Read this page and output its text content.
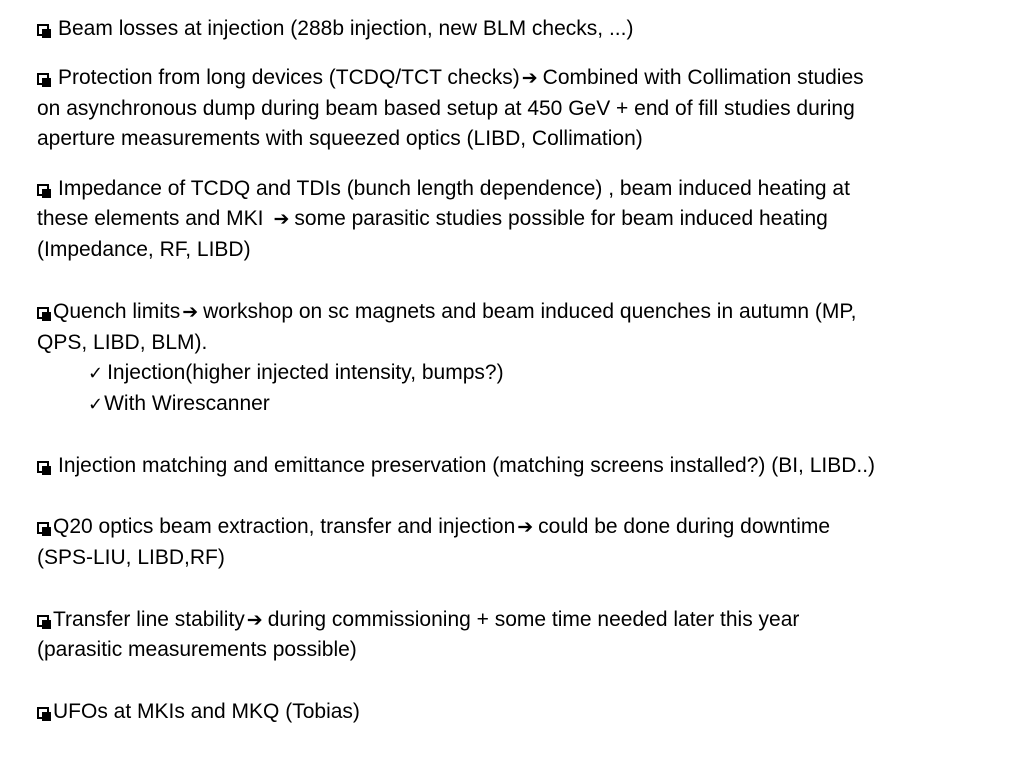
Beam losses at injection (288b injection, new BLM checks, ...)
Protection from long devices (TCDQ/TCT checks) ➔ Combined with Collimation studies
on asynchronous dump during beam based setup at 450 GeV + end of fill studies during
aperture measurements with squeezed optics (LIBD, Collimation)
Impedance of TCDQ and TDIs (bunch length dependence) , beam induced heating at
these elements and MKI ➔ some parasitic studies possible for beam induced heating
(Impedance, RF, LIBD)
Quench limits ➔ workshop on sc magnets and beam induced quenches in autumn (MP,
QPS, LIBD, BLM).
✓ Injection(higher injected intensity, bumps?)
✓With Wirescanner
Injection matching and emittance preservation (matching screens installed?) (BI, LIBD..)
Q20 optics beam extraction, transfer and injection ➔ could be done during downtime
(SPS-LIU, LIBD,RF)
Transfer line stability ➔ during commissioning + some time needed later this year
(parasitic measurements possible)
UFOs at MKIs and MKQ (Tobias)
